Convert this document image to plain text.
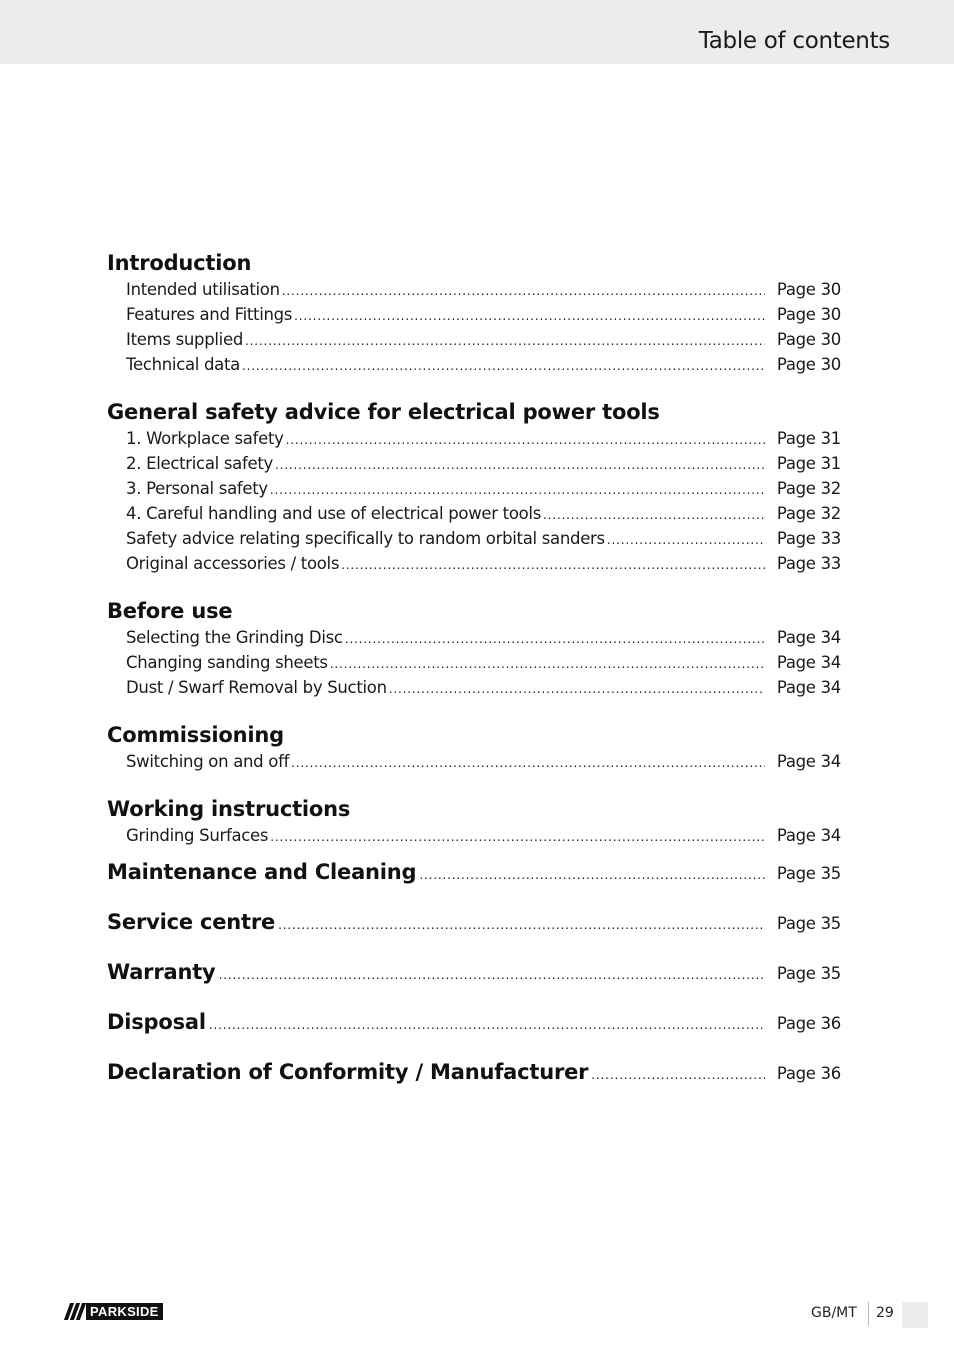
Table of contents
Introduction
Intended utilisation . . .	Page 30
Features and Fittings . . .	Page 30
Items supplied . . .	Page 30
Technical data . . .	Page 30
General safety advice for electrical power tools
1. Workplace safety . . .	Page 31
2. Electrical safety . . .	Page 31
3. Personal safety . . .	Page 32
4. Careful handling and use of electrical power tools . . .	Page 32
Safety advice relating specifically to random orbital sanders . . .	Page 33
Original accessories / tools . . .	Page 33
Before use
Selecting the Grinding Disc . . .	Page 34
Changing sanding sheets . . .	Page 34
Dust / Swarf Removal by Suction . . .	Page 34
Commissioning
Switching on and off . . .	Page 34
Working instructions
Grinding Surfaces . . .	Page 34
Maintenance and Cleaning . . .	Page 35
Service centre . . .	Page 35
Warranty . . .	Page 35
Disposal . . .	Page 36
Declaration of Conformity / Manufacturer . . .	Page 36
PARKSIDE	GB/MT 29
